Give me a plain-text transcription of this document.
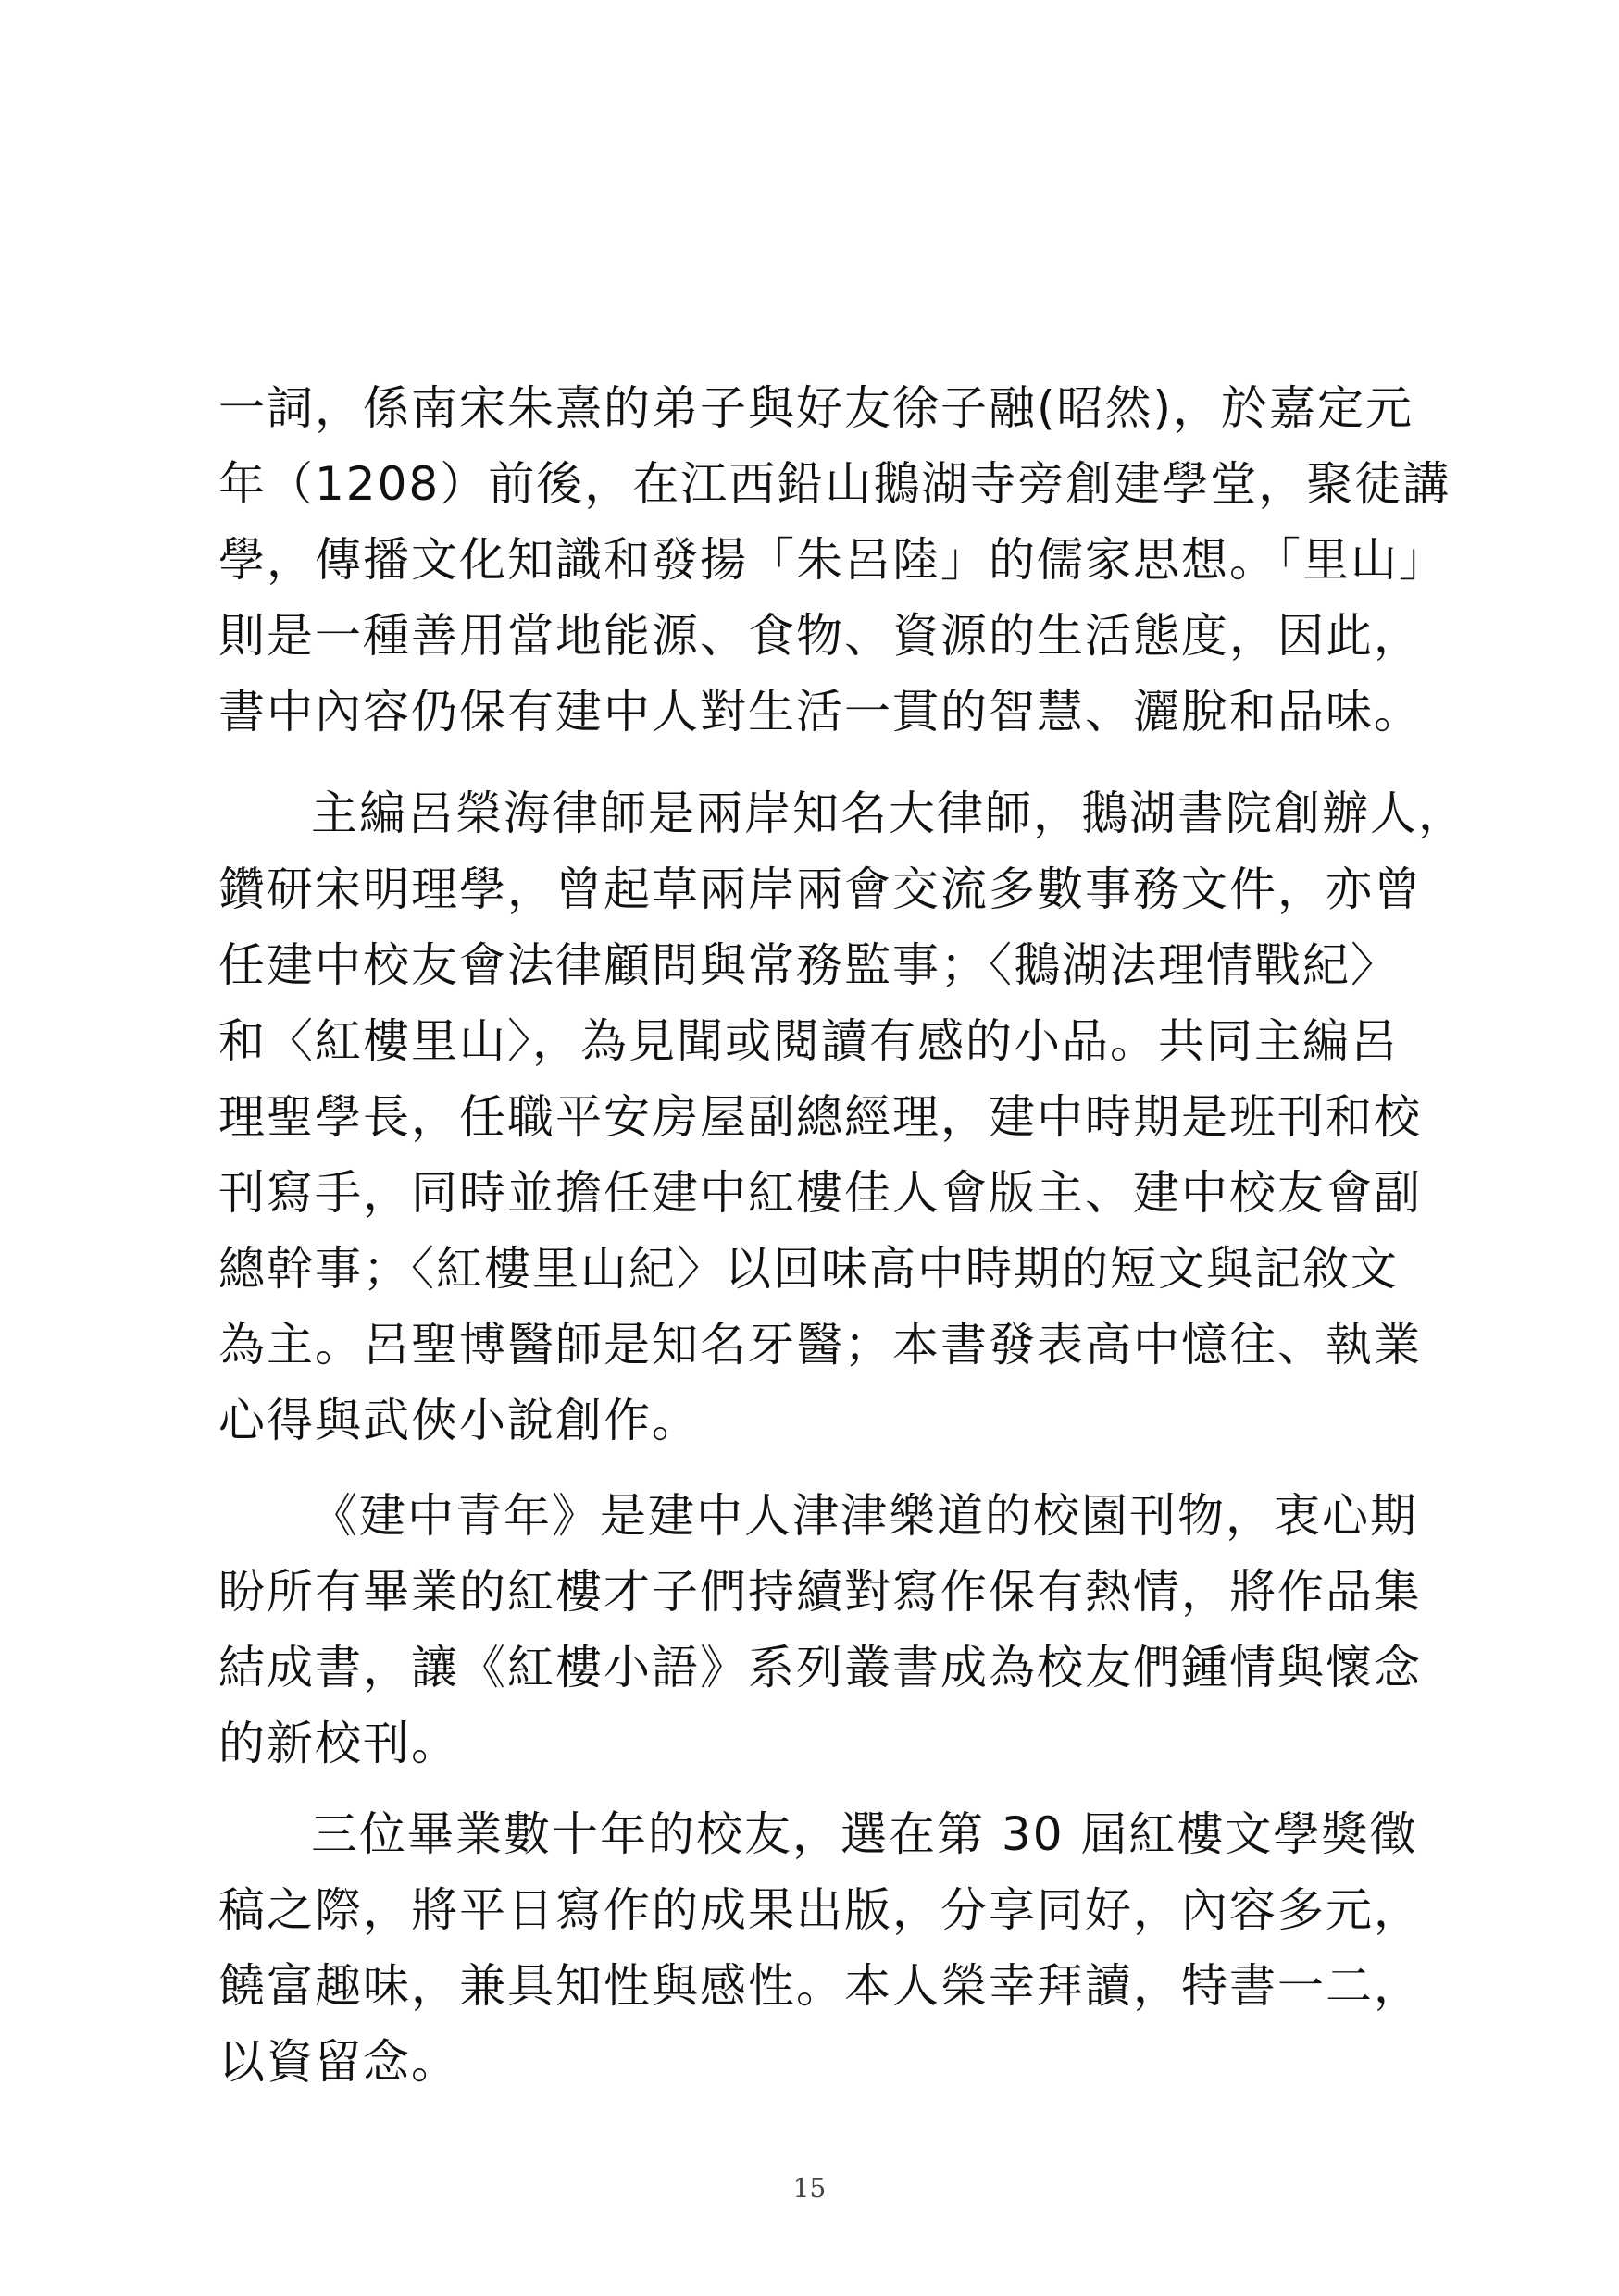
一詞，係南宋朱熹的弟子與好友徐子融(昭然)，於嘉定元
年（1208）前後，在江西鉛山鵝湖寺旁創建學堂，聚徒講
學，傳播文化知識和發揚「朱呂陸」的儒家思想。「里山」
則是一種善用當地能源、食物、資源的生活態度，因此，
書中內容仍保有建中人對生活一貫的智慧、灑脫和品味。
主編呂榮海律師是兩岸知名大律師，鵝湖書院創辦人，
鑽研宋明理學，曾起草兩岸兩會交流多數事務文件，亦曾
任建中校友會法律顧問與常務監事；〈鵝湖法理情戰紀〉
和〈紅樓里山〉，為見聞或閱讀有感的小品。共同主編呂
理聖學長，任職平安房屋副總經理，建中時期是班刊和校
刊寫手，同時並擔任建中紅樓佳人會版主、建中校友會副
總幹事；〈紅樓里山紀〉以回味高中時期的短文與記敘文
為主。呂聖博醫師是知名牙醫；本書發表高中憶往、執業
心得與武俠小說創作。
《建中青年》是建中人津津樂道的校園刊物，衷心期
盼所有畢業的紅樓才子們持續對寫作保有熱情，將作品集
結成書，讓《紅樓小語》系列叢書成為校友們鍾情與懷念
的新校刊。
三位畢業數十年的校友，選在第 30 屆紅樓文學獎徵
稿之際，將平日寫作的成果出版，分享同好，內容多元，
饒富趣味，兼具知性與感性。本人榮幸拜讀，特書一二，
以資留念。
15
